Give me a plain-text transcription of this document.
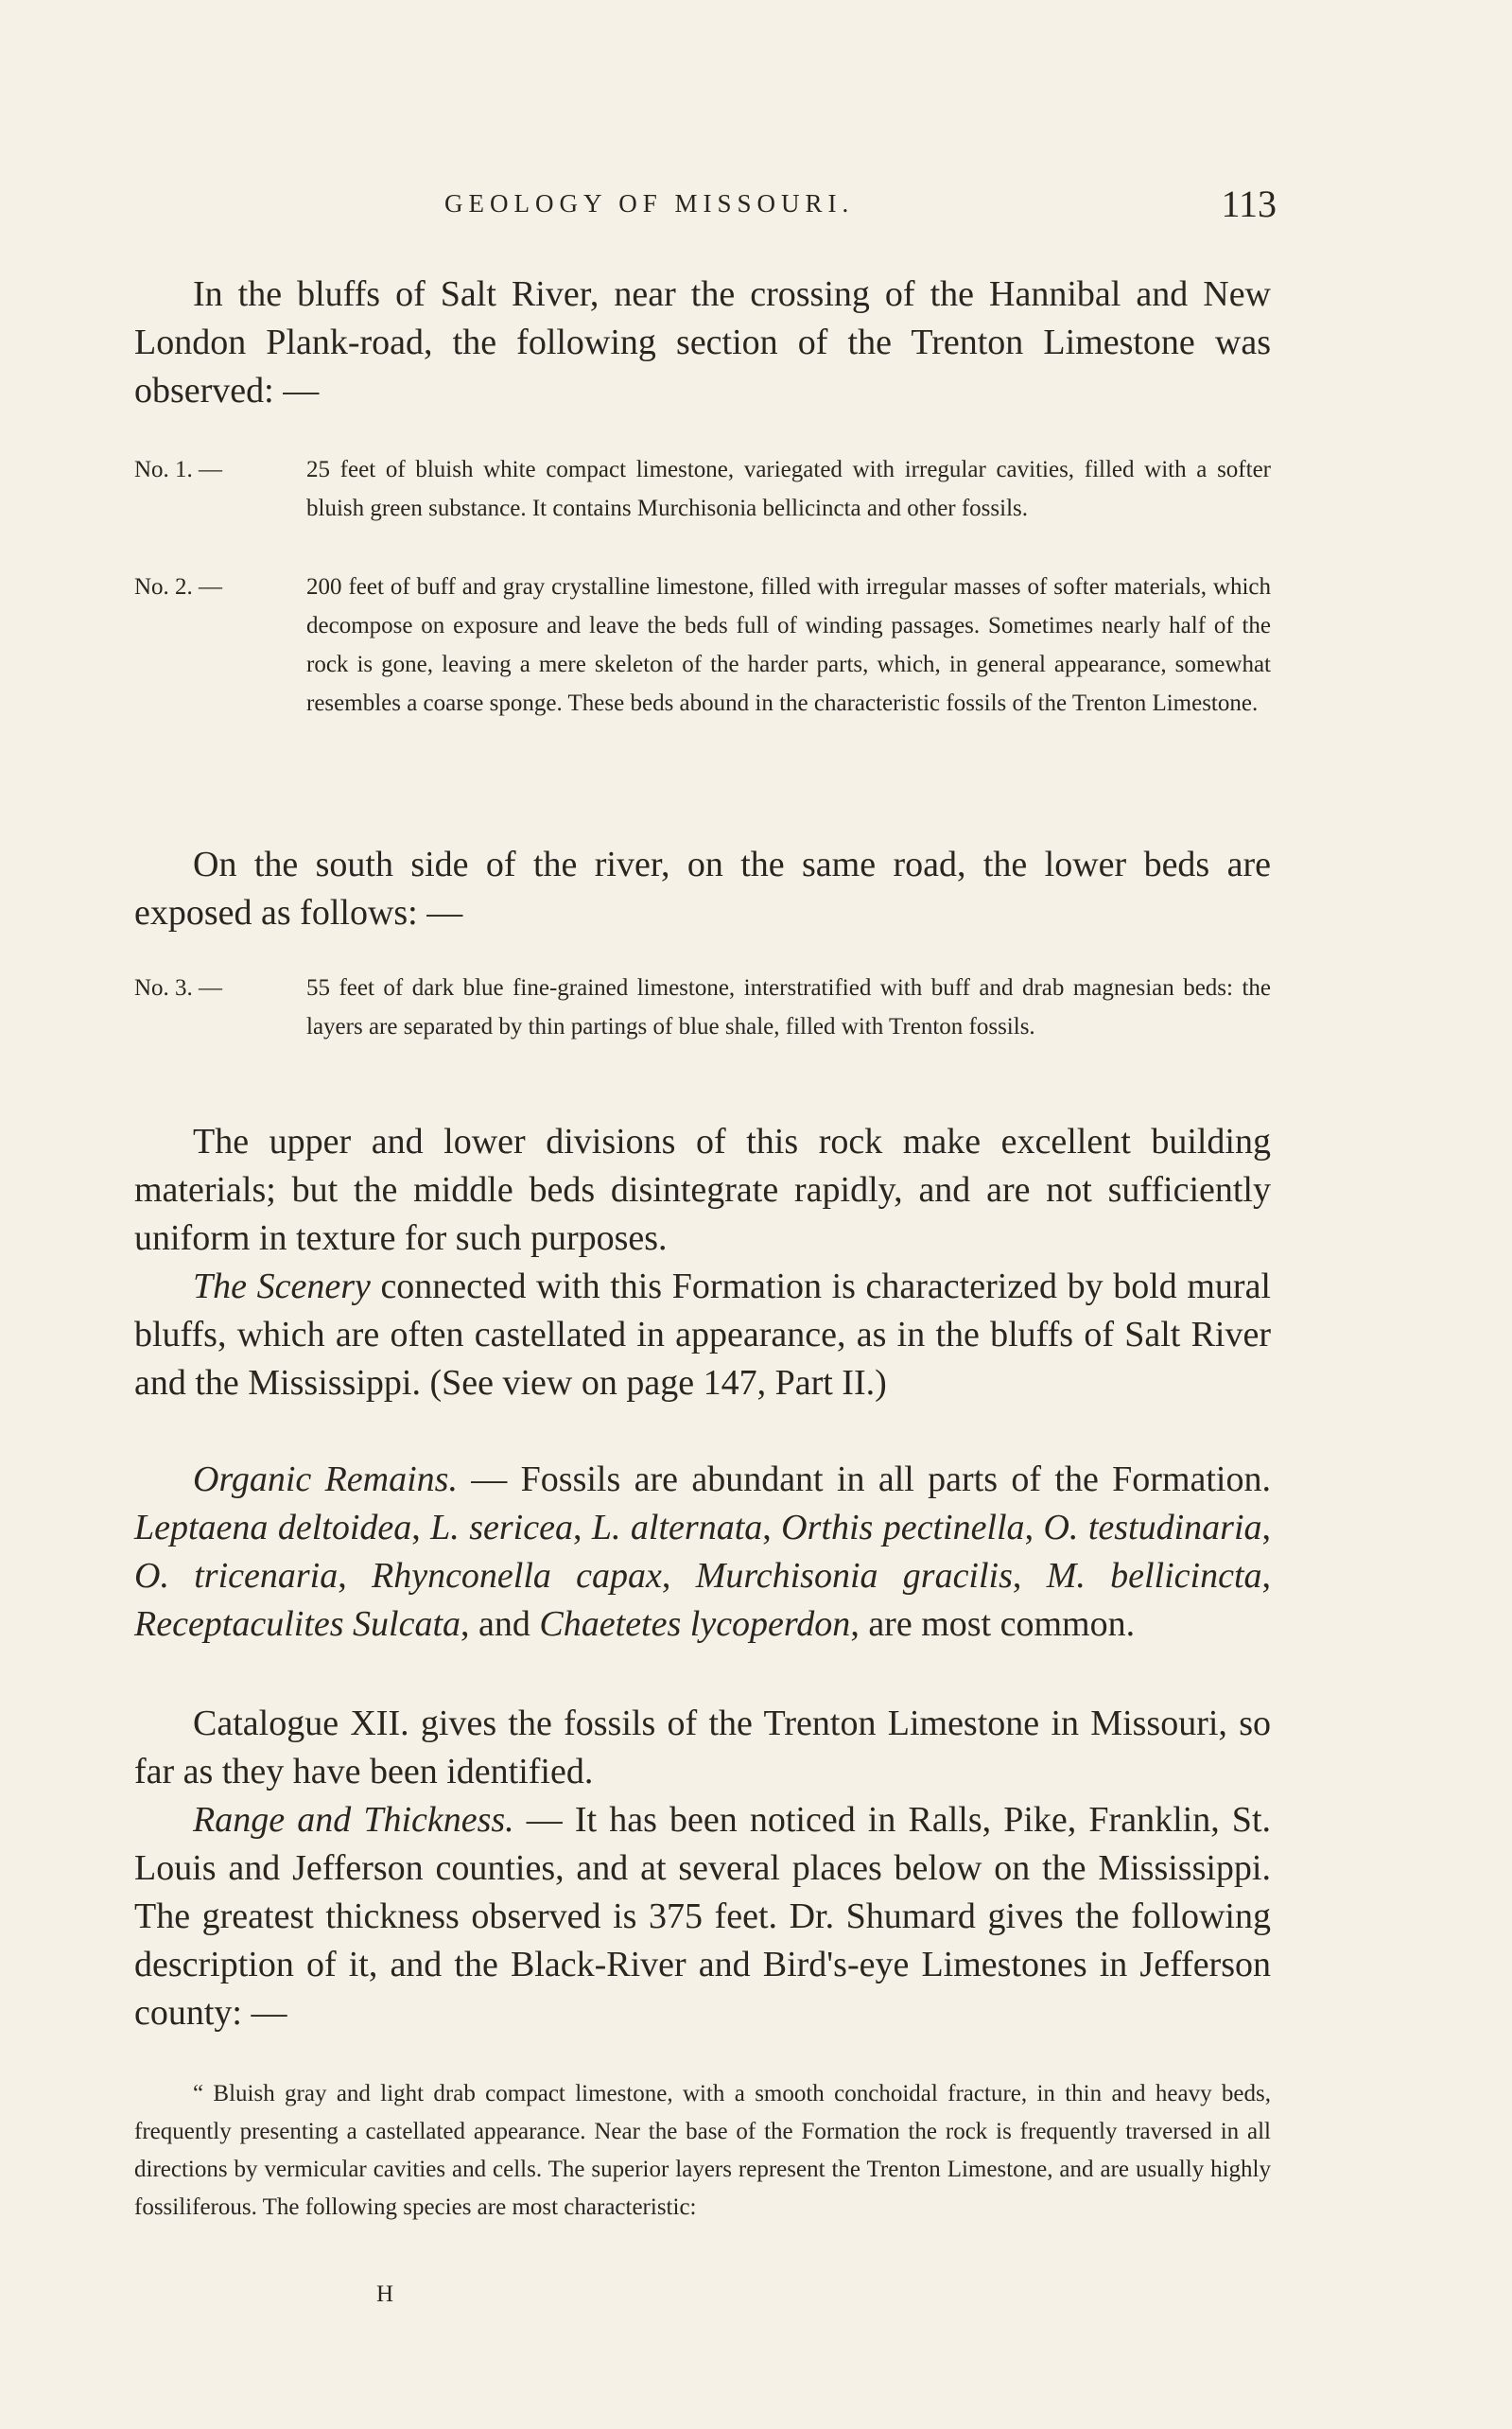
GEOLOGY OF MISSOURI.	113

In the bluffs of Salt River, near the crossing of the Hannibal and New London Plank-road, the following section of the Trenton Limestone was observed: —

No. 1. —	25 feet of bluish white compact limestone, variegated with irregular cavities, filled with a softer bluish green substance. It contains Murchisonia bellicincta and other fossils.
No. 2. —	200 feet of buff and gray crystalline limestone, filled with irregular masses of softer materials, which decompose on exposure and leave the beds full of winding passages. Sometimes nearly half of the rock is gone, leaving a mere skeleton of the harder parts, which, in general appearance, somewhat resembles a coarse sponge. These beds abound in the characteristic fossils of the Trenton Limestone.

On the south side of the river, on the same road, the lower beds are exposed as follows: —

No. 3. —	55 feet of dark blue fine-grained limestone, interstratified with buff and drab magnesian beds: the layers are separated by thin partings of blue shale, filled with Trenton fossils.

The upper and lower divisions of this rock make excellent building materials; but the middle beds disintegrate rapidly, and are not sufficiently uniform in texture for such purposes.

The Scenery connected with this Formation is characterized by bold mural bluffs, which are often castellated in appearance, as in the bluffs of Salt River and the Mississippi. (See view on page 147, Part II.)

Organic Remains. — Fossils are abundant in all parts of the Formation. Leptaena deltoidea, L. sericea, L. alternata, Orthis pectinella, O. testudinaria, O. tricenaria, Rhynconella capax, Murchisonia gracilis, M. bellicincta, Receptaculites Sulcata, and Chaetetes lycoperdon, are most common.

Catalogue XII. gives the fossils of the Trenton Limestone in Missouri, so far as they have been identified.

Range and Thickness. — It has been noticed in Ralls, Pike, Franklin, St. Louis and Jefferson counties, and at several places below on the Mississippi. The greatest thickness observed is 375 feet. Dr. Shumard gives the following description of it, and the Black-River and Bird's-eye Limestones in Jefferson county: —

“ Bluish gray and light drab compact limestone, with a smooth conchoidal fracture, in thin and heavy beds, frequently presenting a castellated appearance. Near the base of the Formation the rock is frequently traversed in all directions by vermicular cavities and cells. The superior layers represent the Trenton Limestone, and are usually highly fossiliferous. The following species are most characteristic:

H
